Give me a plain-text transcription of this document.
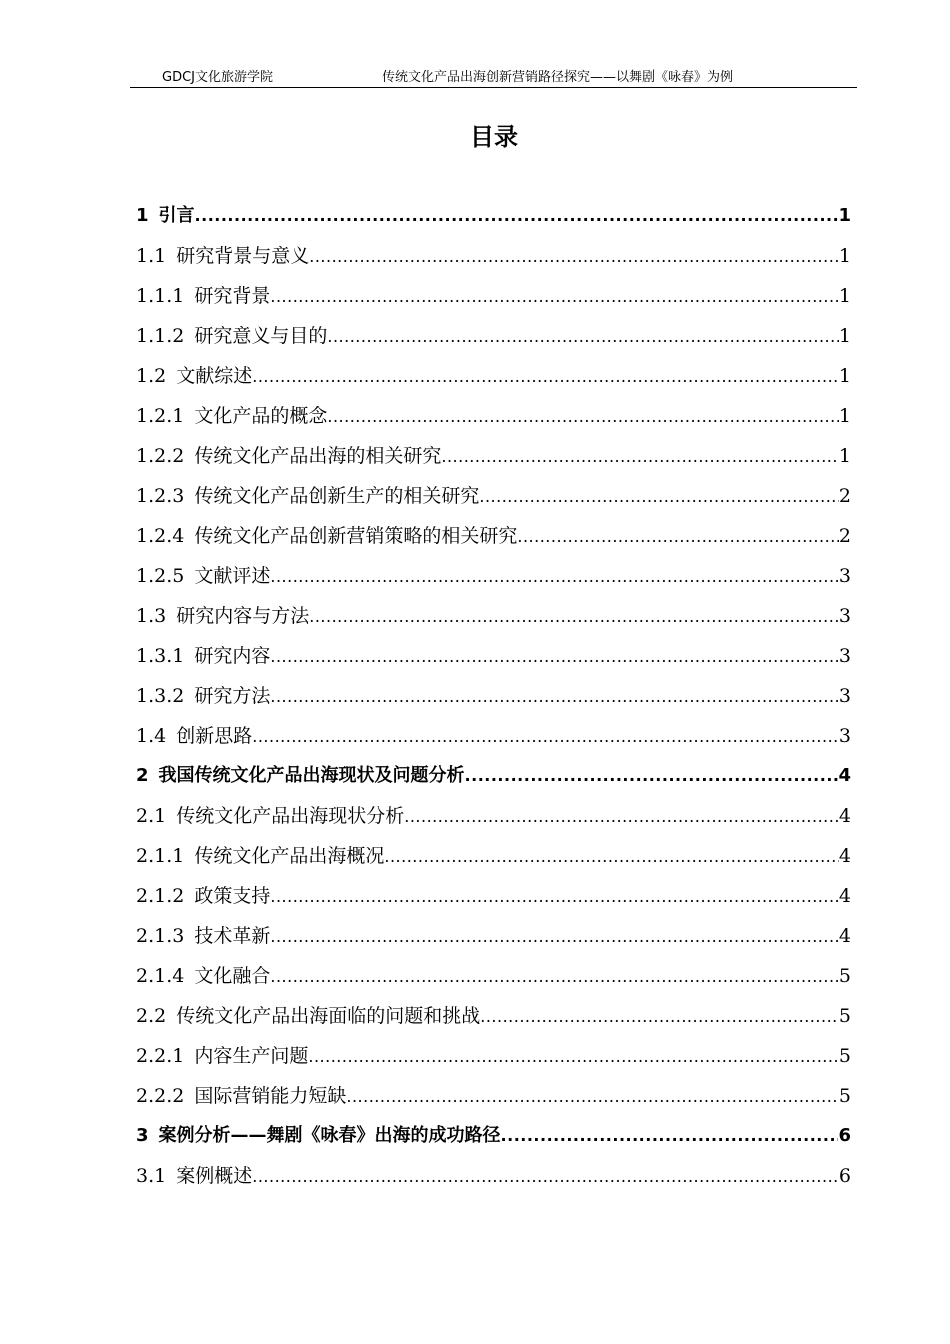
GDCJ文化旅游学院	传统文化产品出海创新营销路径探究——以舞剧《咏春》为例
目录
1 引言 .....	1
1.1 研究背景与意义 .....	1
1.1.1 研究背景 .....	1
1.1.2 研究意义与目的 .....	1
1.2 文献综述 .....	1
1.2.1 文化产品的概念 .....	1
1.2.2 传统文化产品出海的相关研究 .....	1
1.2.3 传统文化产品创新生产的相关研究 .....	2
1.2.4 传统文化产品创新营销策略的相关研究 .....	2
1.2.5 文献评述 .....	3
1.3 研究内容与方法 .....	3
1.3.1 研究内容 .....	3
1.3.2 研究方法 .....	3
1.4 创新思路 .....	3
2 我国传统文化产品出海现状及问题分析 .....	4
2.1 传统文化产品出海现状分析 .....	4
2.1.1 传统文化产品出海概况 .....	4
2.1.2 政策支持 .....	4
2.1.3 技术革新 .....	4
2.1.4 文化融合 .....	5
2.2 传统文化产品出海面临的问题和挑战 .....	5
2.2.1 内容生产问题 .....	5
2.2.2 国际营销能力短缺 .....	5
3 案例分析——舞剧《咏春》出海的成功路径 .....	6
3.1 案例概述 .....	6
